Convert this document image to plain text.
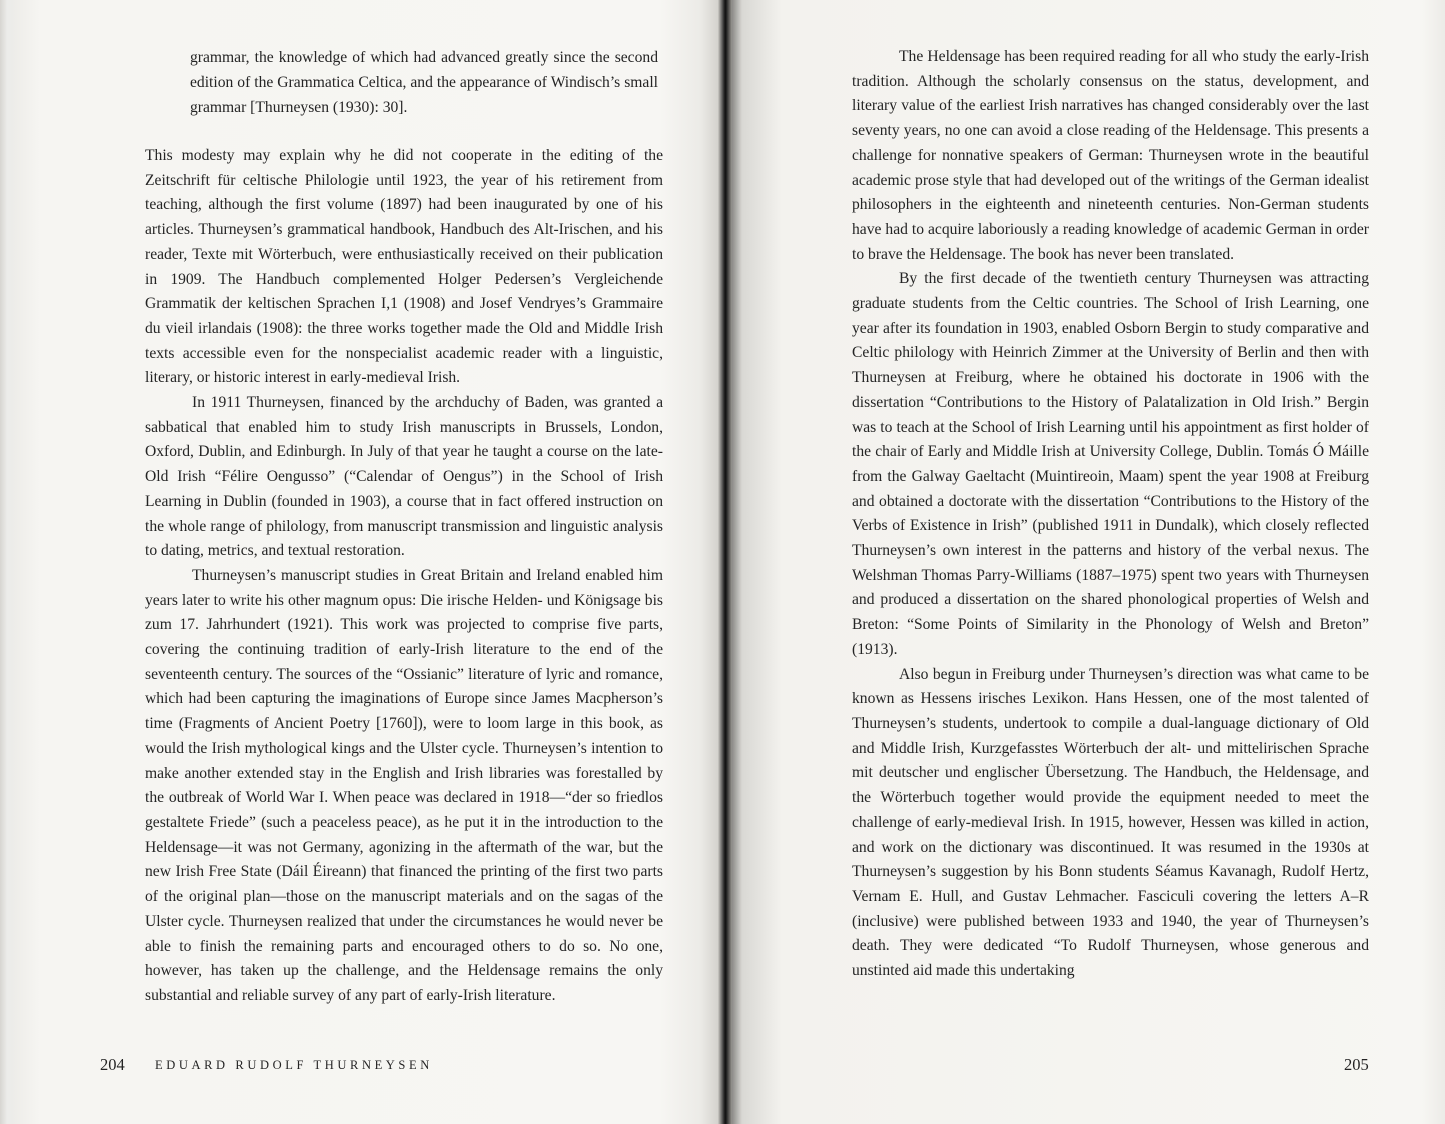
grammar, the knowledge of which had advanced greatly since the second edition of the Grammatica Celtica, and the appearance of Windisch’s small grammar [Thurneysen (1930): 30].

This modesty may explain why he did not cooperate in the editing of the Zeitschrift für celtische Philologie until 1923, the year of his retirement from teaching, although the first volume (1897) had been inaugurated by one of his articles. Thurneysen’s grammatical handbook, Handbuch des Alt-Irischen, and his reader, Texte mit Wörterbuch, were enthusiastically received on their publication in 1909. The Handbuch complemented Holger Pedersen’s Vergleichende Grammatik der keltischen Sprachen I,1 (1908) and Josef Vendryes’s Grammaire du vieil irlandais (1908): the three works together made the Old and Middle Irish texts accessible even for the nonspecialist academic reader with a linguistic, literary, or historic interest in early-medieval Irish.

In 1911 Thurneysen, financed by the archduchy of Baden, was granted a sabbatical that enabled him to study Irish manuscripts in Brussels, London, Oxford, Dublin, and Edinburgh. In July of that year he taught a course on the late-Old Irish “Félire Oengusso” (“Calendar of Oengus”) in the School of Irish Learning in Dublin (founded in 1903), a course that in fact offered instruction on the whole range of philology, from manuscript transmission and linguistic analysis to dating, metrics, and textual restoration.

Thurneysen’s manuscript studies in Great Britain and Ireland enabled him years later to write his other magnum opus: Die irische Helden- und Königsage bis zum 17. Jahrhundert (1921). This work was projected to comprise five parts, covering the continuing tradition of early-Irish literature to the end of the seventeenth century. The sources of the “Ossianic” literature of lyric and romance, which had been capturing the imaginations of Europe since James Macpherson’s time (Fragments of Ancient Poetry [1760]), were to loom large in this book, as would the Irish mythological kings and the Ulster cycle. Thurneysen’s intention to make another extended stay in the English and Irish libraries was forestalled by the outbreak of World War I. When peace was declared in 1918—“der so friedlos gestaltete Friede” (such a peaceless peace), as he put it in the introduction to the Heldensage—it was not Germany, agonizing in the aftermath of the war, but the new Irish Free State (Dáil Éireann) that financed the printing of the first two parts of the original plan—those on the manuscript materials and on the sagas of the Ulster cycle. Thurneysen realized that under the circumstances he would never be able to finish the remaining parts and encouraged others to do so. No one, however, has taken up the challenge, and the Heldensage remains the only substantial and reliable survey of any part of early-Irish literature.

204 EDUARD RUDOLF THURNEYSEN

The Heldensage has been required reading for all who study the early-Irish tradition. Although the scholarly consensus on the status, development, and literary value of the earliest Irish narratives has changed considerably over the last seventy years, no one can avoid a close reading of the Heldensage. This presents a challenge for nonnative speakers of German: Thurneysen wrote in the beautiful academic prose style that had developed out of the writings of the German idealist philosophers in the eighteenth and nineteenth centuries. Non-German students have had to acquire laboriously a reading knowledge of academic German in order to brave the Heldensage. The book has never been translated.

By the first decade of the twentieth century Thurneysen was attracting graduate students from the Celtic countries. The School of Irish Learning, one year after its foundation in 1903, enabled Osborn Bergin to study comparative and Celtic philology with Heinrich Zimmer at the University of Berlin and then with Thurneysen at Freiburg, where he obtained his doctorate in 1906 with the dissertation “Contributions to the History of Palatalization in Old Irish.” Bergin was to teach at the School of Irish Learning until his appointment as first holder of the chair of Early and Middle Irish at University College, Dublin. Tomás Ó Máille from the Galway Gaeltacht (Muintireoin, Maam) spent the year 1908 at Freiburg and obtained a doctorate with the dissertation “Contributions to the History of the Verbs of Existence in Irish” (published 1911 in Dundalk), which closely reflected Thurneysen’s own interest in the patterns and history of the verbal nexus. The Welshman Thomas Parry-Williams (1887–1975) spent two years with Thurneysen and produced a dissertation on the shared phonological properties of Welsh and Breton: “Some Points of Similarity in the Phonology of Welsh and Breton” (1913).

Also begun in Freiburg under Thurneysen’s direction was what came to be known as Hessens irisches Lexikon. Hans Hessen, one of the most talented of Thurneysen’s students, undertook to compile a dual-language dictionary of Old and Middle Irish, Kurzgefasstes Wörterbuch der alt- und mittelirischen Sprache mit deutscher und englischer Übersetzung. The Handbuch, the Heldensage, and the Wörterbuch together would provide the equipment needed to meet the challenge of early-medieval Irish. In 1915, however, Hessen was killed in action, and work on the dictionary was discontinued. It was resumed in the 1930s at Thurneysen’s suggestion by his Bonn students Séamus Kavanagh, Rudolf Hertz, Vernam E. Hull, and Gustav Lehmacher. Fasciculi covering the letters A–R (inclusive) were published between 1933 and 1940, the year of Thurneysen’s death. They were dedicated “To Rudolf Thurneysen, whose generous and unstinted aid made this undertaking

205
